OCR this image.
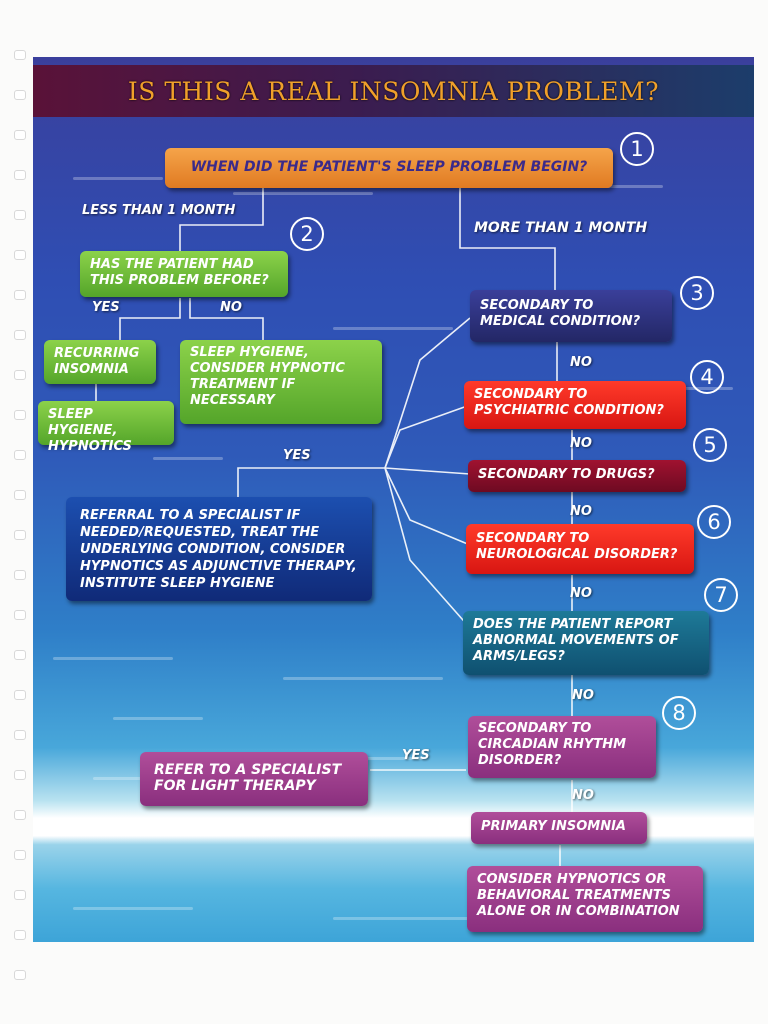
IS THIS A REAL INSOMNIA PROBLEM?
1
2
3
4
5
6
7
8
WHEN DID THE PATIENT'S SLEEP PROBLEM BEGIN?
LESS THAN 1 MONTH
MORE THAN 1 MONTH
HAS THE PATIENT HAD THIS PROBLEM BEFORE?
YES	NO
RECURRING INSOMNIA
SLEEP HYGIENE, HYPNOTICS
SLEEP HYGIENE, CONSIDER HYPNOTIC TREATMENT IF NECESSARY
SECONDARY TO MEDICAL CONDITION?
NO
SECONDARY TO PSYCHIATRIC CONDITION?
NO
SECONDARY TO DRUGS?
NO
YES
SECONDARY TO NEUROLOGICAL DISORDER?
NO
REFERRAL TO A SPECIALIST IF NEEDED/REQUESTED, TREAT THE UNDERLYING CONDITION, CONSIDER HYPNOTICS AS ADJUNCTIVE THERAPY, INSTITUTE SLEEP HYGIENE
DOES THE PATIENT REPORT ABNORMAL MOVEMENTS OF ARMS/LEGS?
NO
SECONDARY TO CIRCADIAN RHYTHM DISORDER?
YES
NO
REFER TO A SPECIALIST FOR LIGHT THERAPY
PRIMARY INSOMNIA
CONSIDER HYPNOTICS OR BEHAVIORAL TREATMENTS ALONE OR IN COMBINATION
